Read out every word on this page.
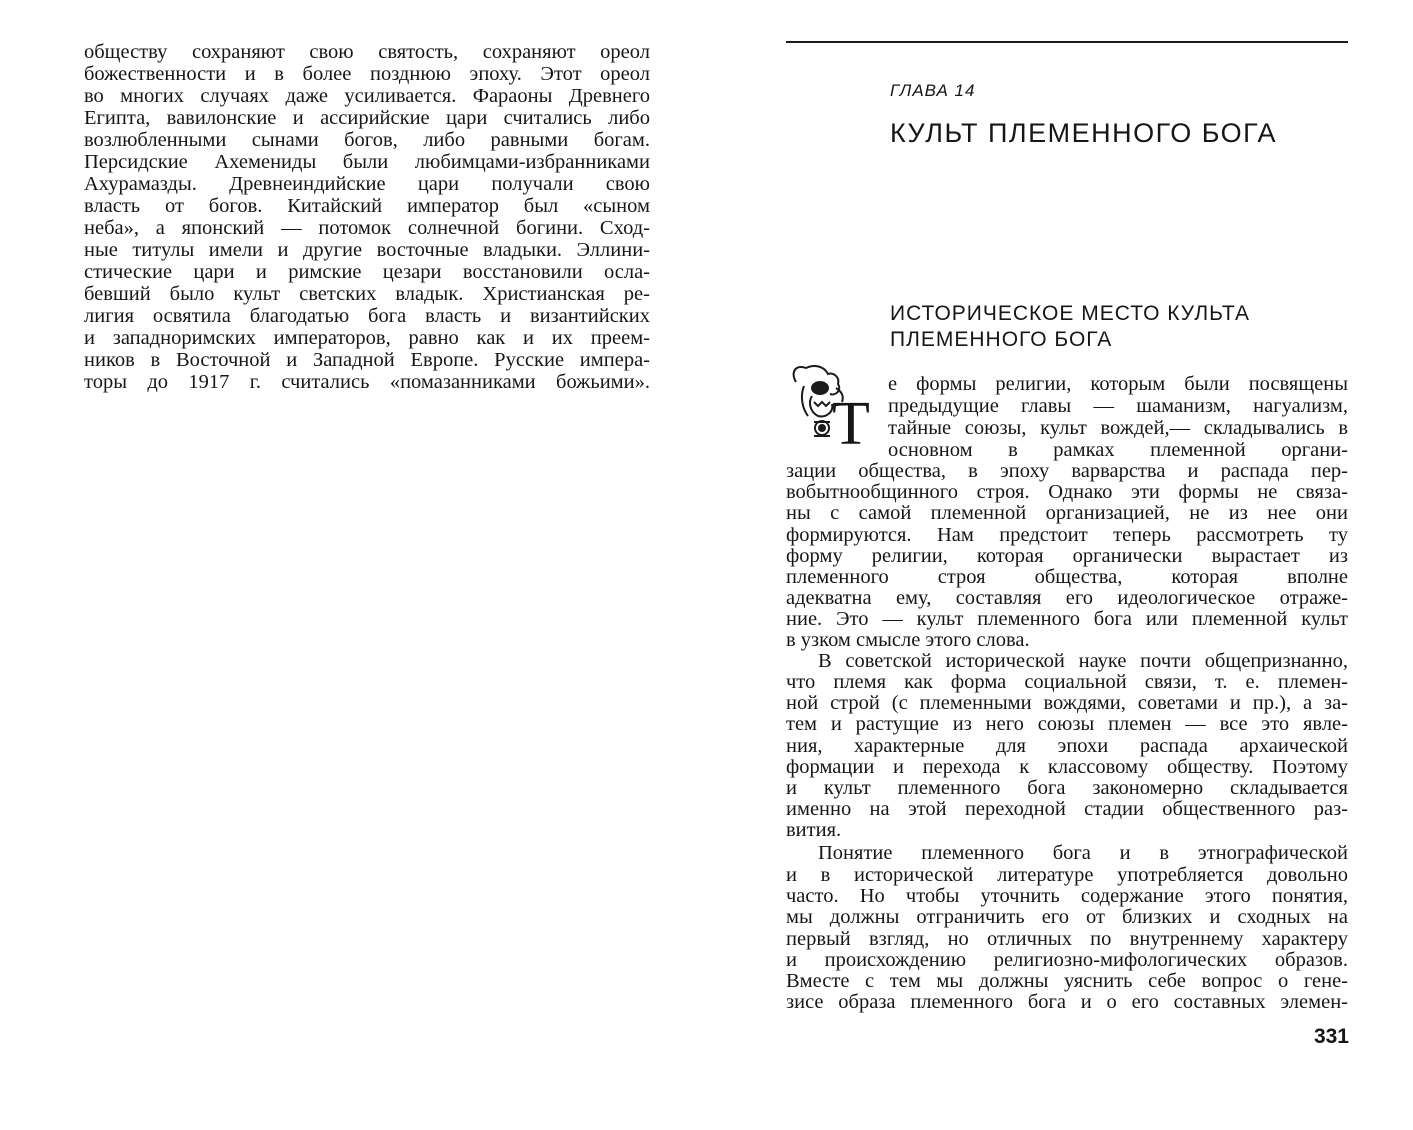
обществу сохраняют свою святость, сохраняют ореол
божественности и в более позднюю эпоху. Этот ореол
во многих случаях даже усиливается. Фараоны Древнего
Египта, вавилонские и ассирийские цари считались либо
возлюбленными сынами богов, либо равными богам.
Персидские Ахемениды были любимцами-избранниками
Ахурамазды. Древнеиндийские цари получали свою
власть от богов. Китайский император был «сыном
неба», а японский — потомок солнечной богини. Сход-
ные титулы имели и другие восточные владыки. Эллини-
стические цари и римские цезари восстановили осла-
бевший было культ светских владык. Христианская ре-
лигия освятила благодатью бога власть и византийских
и западноримских императоров, равно как и их преем-
ников в Восточной и Западной Европе. Русские импера-
торы до 1917 г. считались «помазанниками божьими».
ГЛАВА 14
КУЛЬТ ПЛЕМЕННОГО БОГА
ИСТОРИЧЕСКОЕ МЕСТО КУЛЬТА
ПЛЕМЕННОГО БОГА
Т
е формы религии, которым были посвящены
предыдущие главы — шаманизм, нагуализм,
тайные союзы, культ вождей,— складывались в
основном в рамках племенной органи-
зации общества, в эпоху варварства и распада пер-
вобытнообщинного строя. Однако эти формы не связа-
ны с самой племенной организацией, не из нее они
формируются. Нам предстоит теперь рассмотреть ту
форму религии, которая органически вырастает из
племенного строя общества, которая вполне
адекватна ему, составляя его идеологическое отраже-
ние. Это — культ племенного бога или племенной культ
в узком смысле этого слова.
В советской исторической науке почти общепризнанно,
что племя как форма социальной связи, т. е. племен-
ной строй (с племенными вождями, советами и пр.), а за-
тем и растущие из него союзы племен — все это явле-
ния, характерные для эпохи распада архаической
формации и перехода к классовому обществу. Поэтому
и культ племенного бога закономерно складывается
именно на этой переходной стадии общественного раз-
вития.
Понятие племенного бога и в этнографической
и в исторической литературе употребляется довольно
часто. Но чтобы уточнить содержание этого понятия,
мы должны отграничить его от близких и сходных на
первый взгляд, но отличных по внутреннему характеру
и происхождению религиозно-мифологических образов.
Вместе с тем мы должны уяснить себе вопрос о гене-
зисе образа племенного бога и о его составных элемен-
331
